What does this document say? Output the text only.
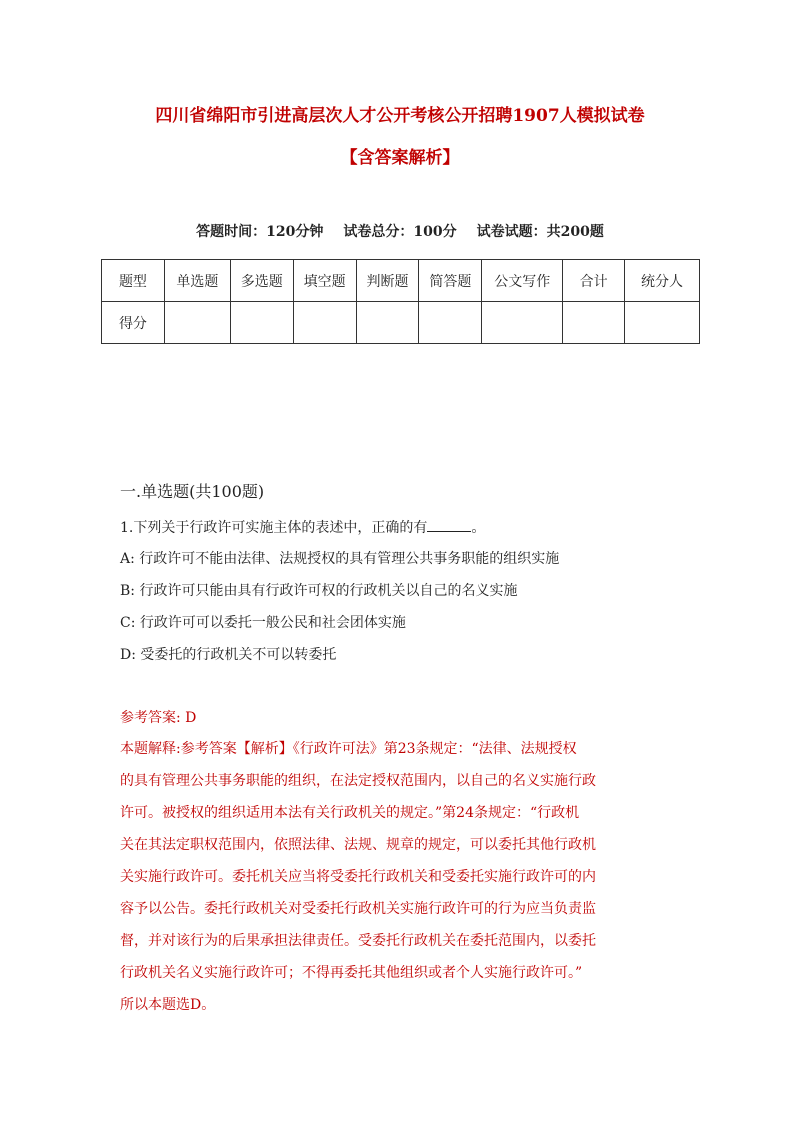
四川省绵阳市引进高层次人才公开考核公开招聘1907人模拟试卷
【含答案解析】
答题时间：120分钟 试卷总分：100分 试卷试题：共200题
题型	单选题	多选题	填空题	判断题	简答题	公文写作	合计	统分人
得分								
一.单选题(共100题)
1.下列关于行政许可实施主体的表述中，正确的有	。
A: 行政许可不能由法律、法规授权的具有管理公共事务职能的组织实施
B: 行政许可只能由具有行政许可权的行政机关以自己的名义实施
C: 行政许可可以委托一般公民和社会团体实施
D: 受委托的行政机关不可以转委托
参考答案: D
本题解释:参考答案【解析】《行政许可法》第23条规定：“法律、法规授权
的具有管理公共事务职能的组织，在法定授权范围内，以自己的名义实施行政
许可。被授权的组织适用本法有关行政机关的规定。”第24条规定：“行政机
关在其法定职权范围内，依照法律、法规、规章的规定，可以委托其他行政机
关实施行政许可。委托机关应当将受委托行政机关和受委托实施行政许可的内
容予以公告。委托行政机关对受委托行政机关实施行政许可的行为应当负责监
督，并对该行为的后果承担法律责任。受委托行政机关在委托范围内，以委托
行政机关名义实施行政许可；不得再委托其他组织或者个人实施行政许可。”
所以本题选D。
